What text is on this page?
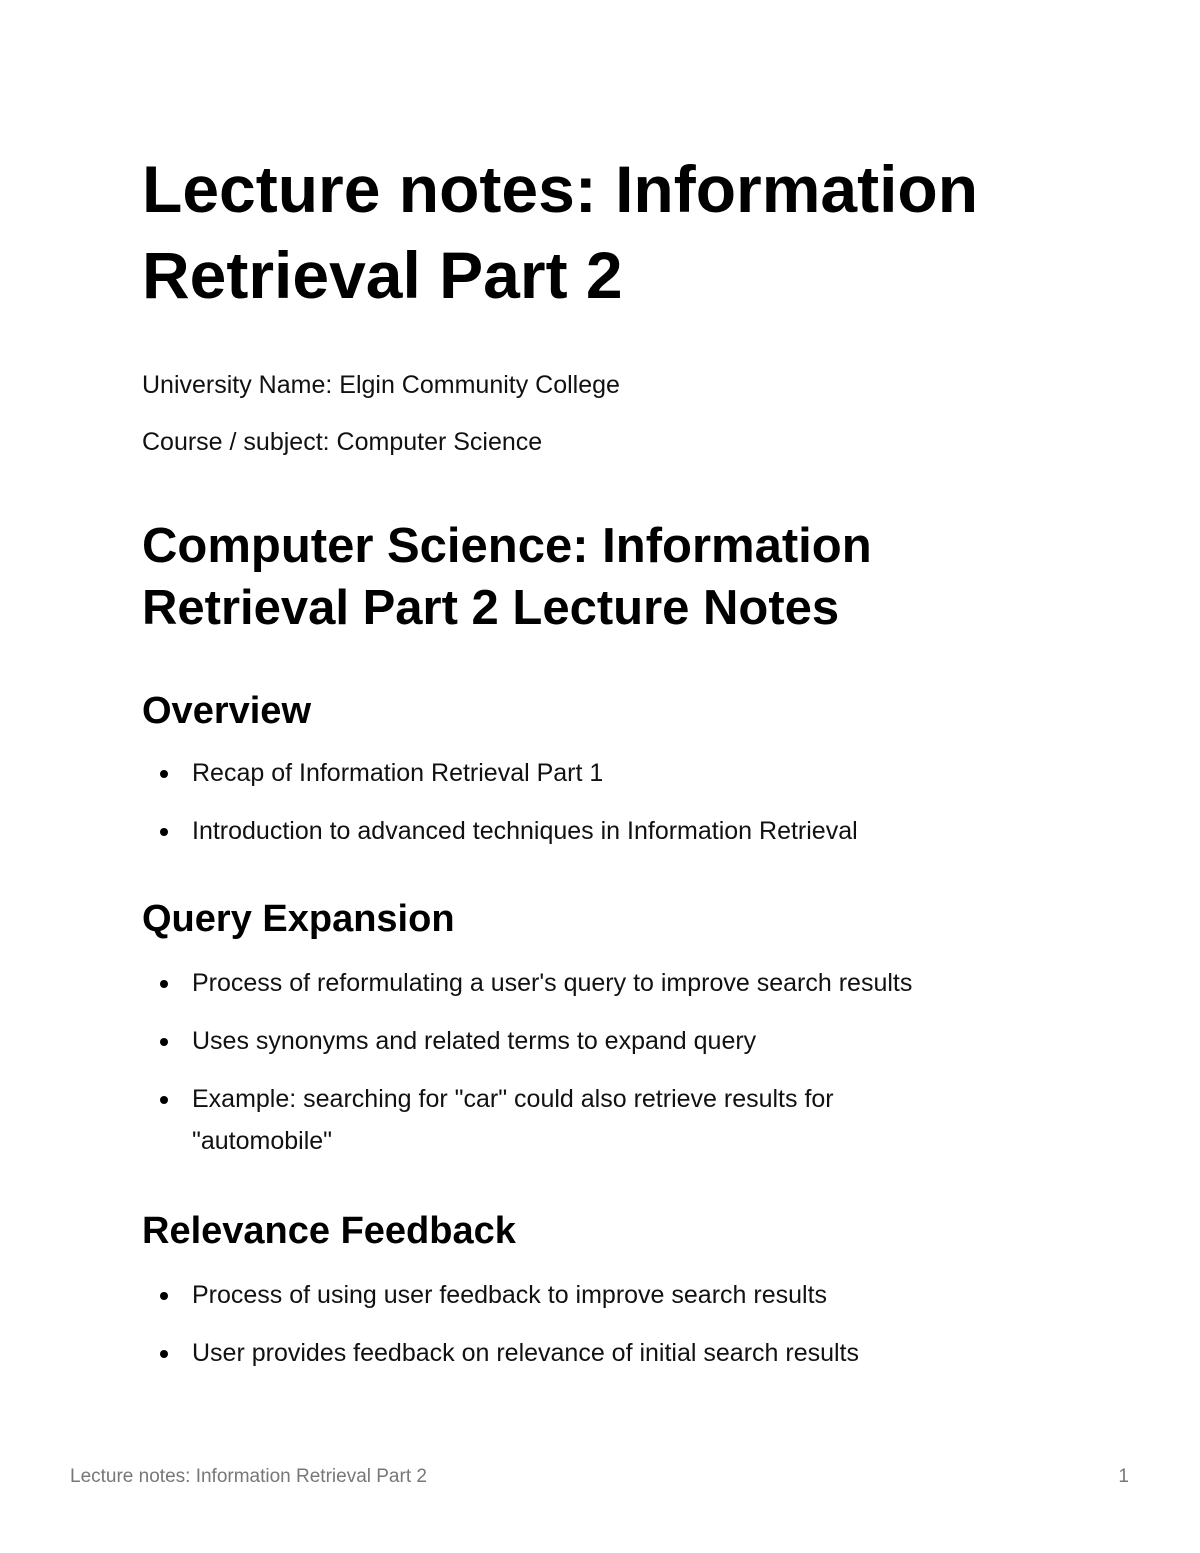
Lecture notes: Information Retrieval Part 2

University Name: Elgin Community College

Course / subject: Computer Science

Computer Science: Information Retrieval Part 2 Lecture Notes
Overview
Recap of Information Retrieval Part 1
Introduction to advanced techniques in Information Retrieval
Query Expansion
Process of reformulating a user's query to improve search results
Uses synonyms and related terms to expand query
Example: searching for "car" could also retrieve results for "automobile"
Relevance Feedback
Process of using user feedback to improve search results
User provides feedback on relevance of initial search results
Lecture notes: Information Retrieval Part 2	1
